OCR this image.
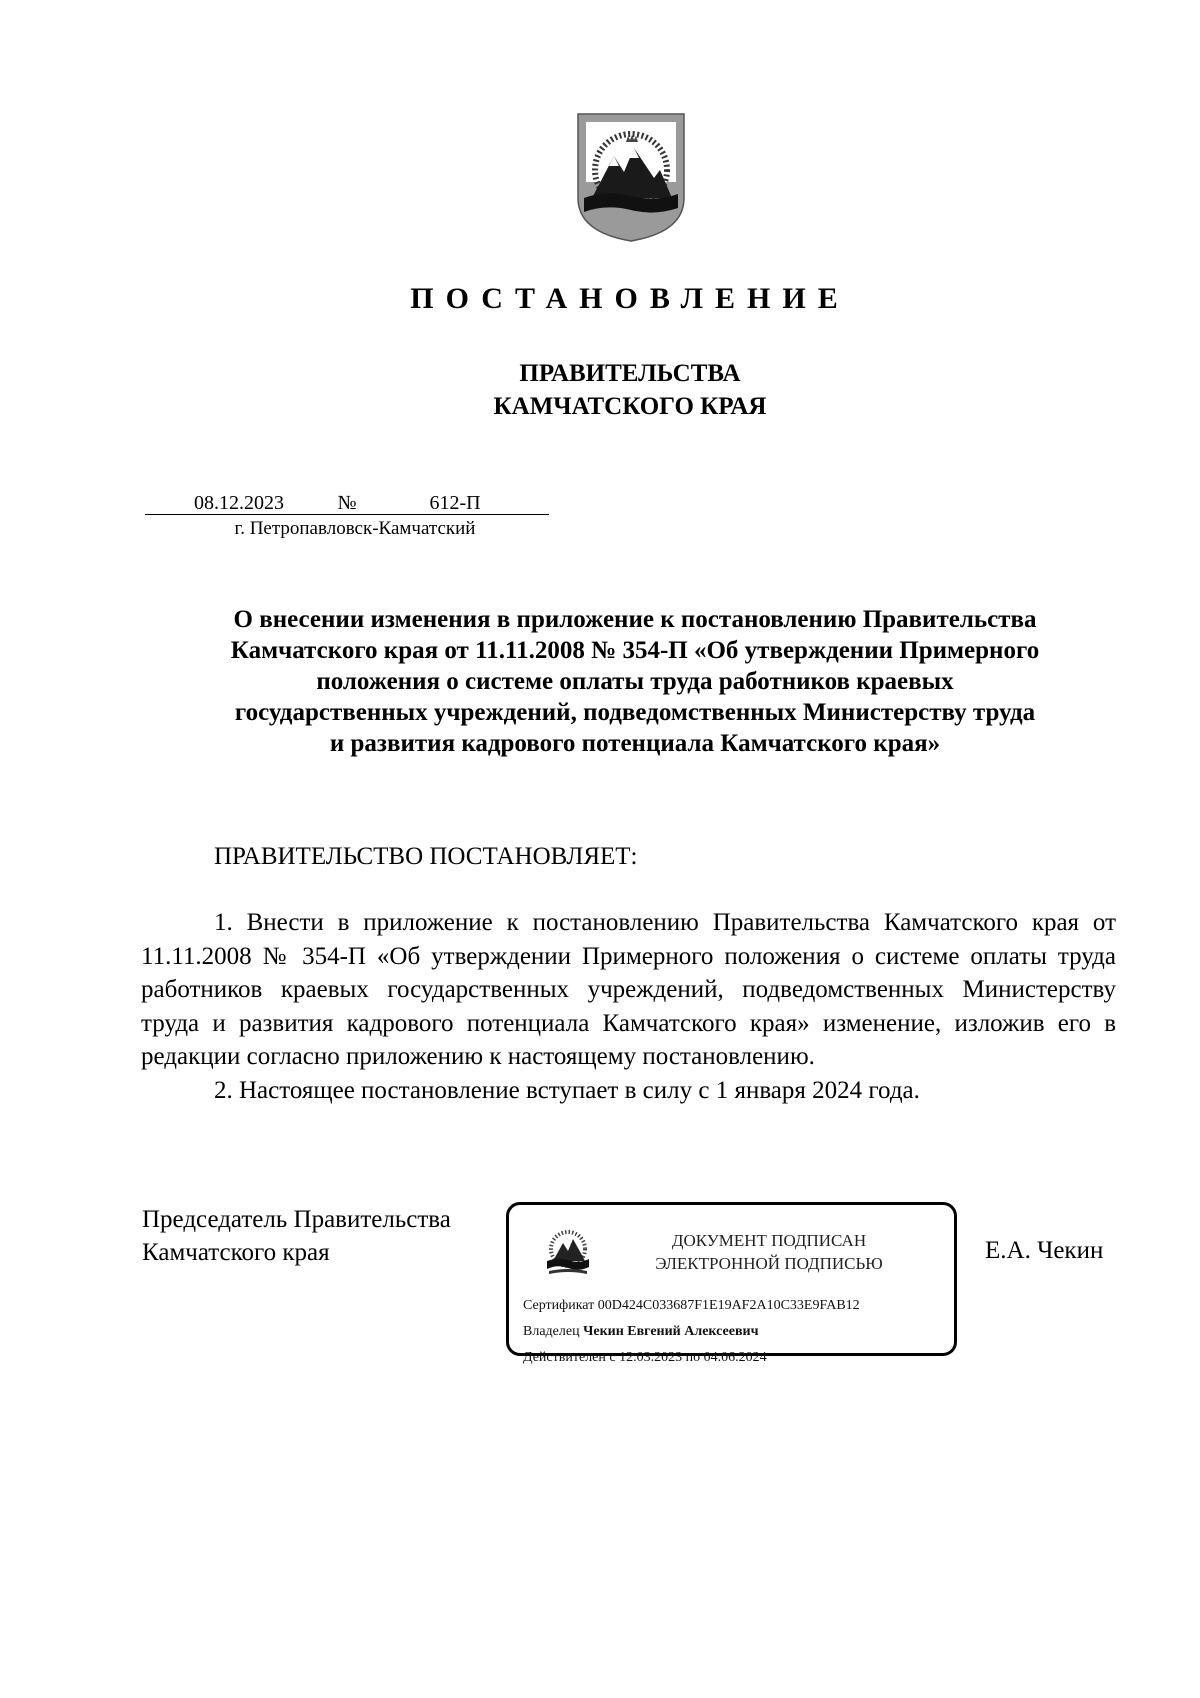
ПОСТАНОВЛЕНИЕ
ПРАВИТЕЛЬСТВА
КАМЧАТСКОГО КРАЯ
08.12.2023	№	612-П
г. Петропавловск-Камчатский
О внесении изменения в приложение к постановлению Правительства
Камчатского края от 11.11.2008 № 354-П «Об утверждении Примерного
положения о системе оплаты труда работников краевых
государственных учреждений, подведомственных Министерству труда
и развития кадрового потенциала Камчатского края»
ПРАВИТЕЛЬСТВО ПОСТАНОВЛЯЕТ:

1. Внести в приложение к постановлению Правительства Камчатского края от 11.11.2008 № 354-П «Об утверждении Примерного положения о системе оплаты труда работников краевых государственных учреждений, подведомственных Министерству труда и развития кадрового потенциала Камчатского края» изменение, изложив его в редакции согласно приложению к настоящему постановлению.

2. Настоящее постановление вступает в силу с 1 января 2024 года.

Председатель Правительства
Камчатского края	ДОКУМЕНТ ПОДПИСАН
ЭЛЕКТРОННОЙ ПОДПИСЬЮ
Сертификат 00D424C033687F1E19AF2A10C33E9FAB12
Владелец Чекин Евгений Алексеевич
Действителен с 12.03.2023 по 04.06.2024
Е.А. Чекин
